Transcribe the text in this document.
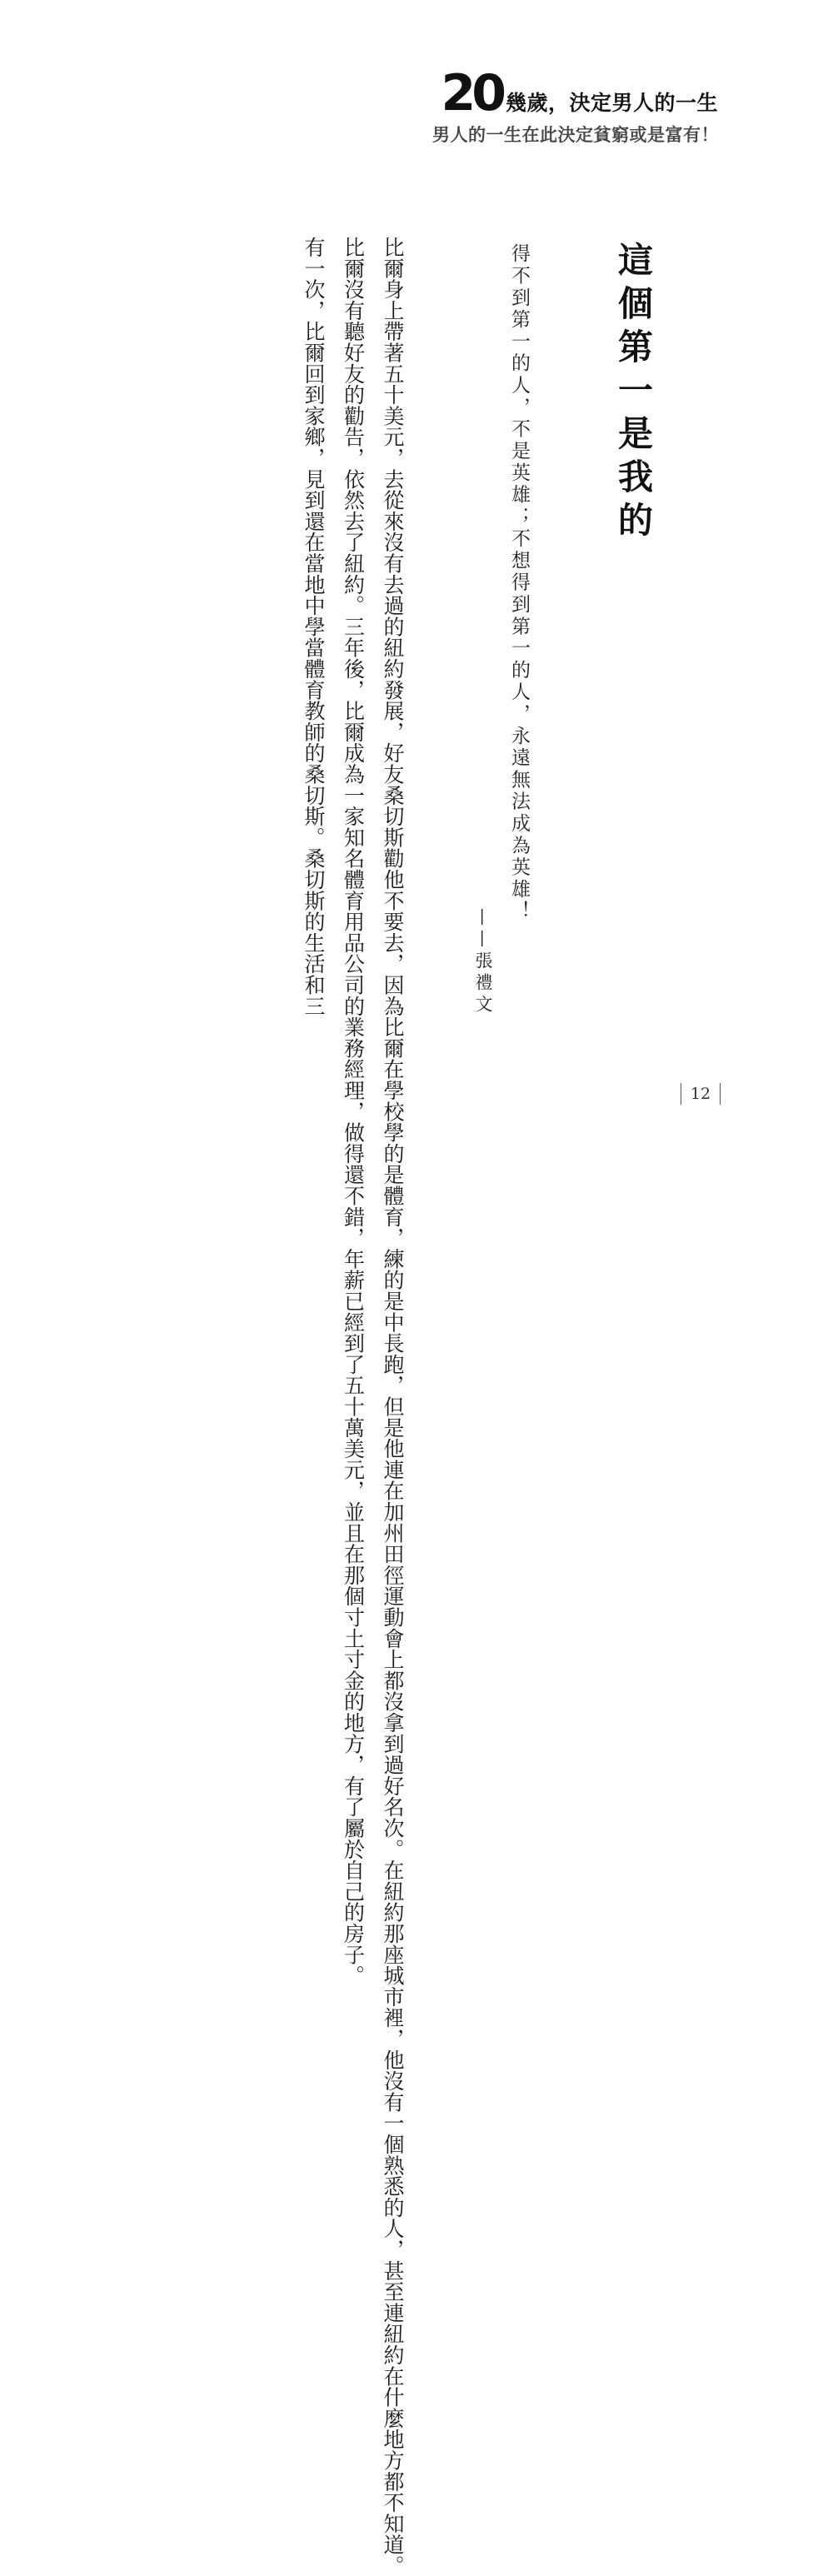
20 幾歲，決定男人的一生
男人的一生在此決定貧窮或是富有！
這個第一是我的
得不到第一的人，不是英雄；不想得到第一的人，永遠無法成為英雄！
——張禮文

比爾身上帶著五十美元，去從來沒有去過的紐約發展，好友桑切斯勸他不要去，因為比爾在學校學的是體育，練的是中長跑，但是他連在加州田徑運動會上都沒拿到過好名次。在紐約那座城市裡，他沒有一個熟悉的人，甚至連紐約在什麼地方都不知道。

比爾沒有聽好友的勸告，依然去了紐約。三年後，比爾成為一家知名體育用品公司的業務經理，做得還不錯，年薪已經到了五十萬美元，並且在那個寸土寸金的地方，有了屬於自己的房子。

有一次，比爾回到家鄉，見到還在當地中學當體育教師的桑切斯。桑切斯的生活和三

12
